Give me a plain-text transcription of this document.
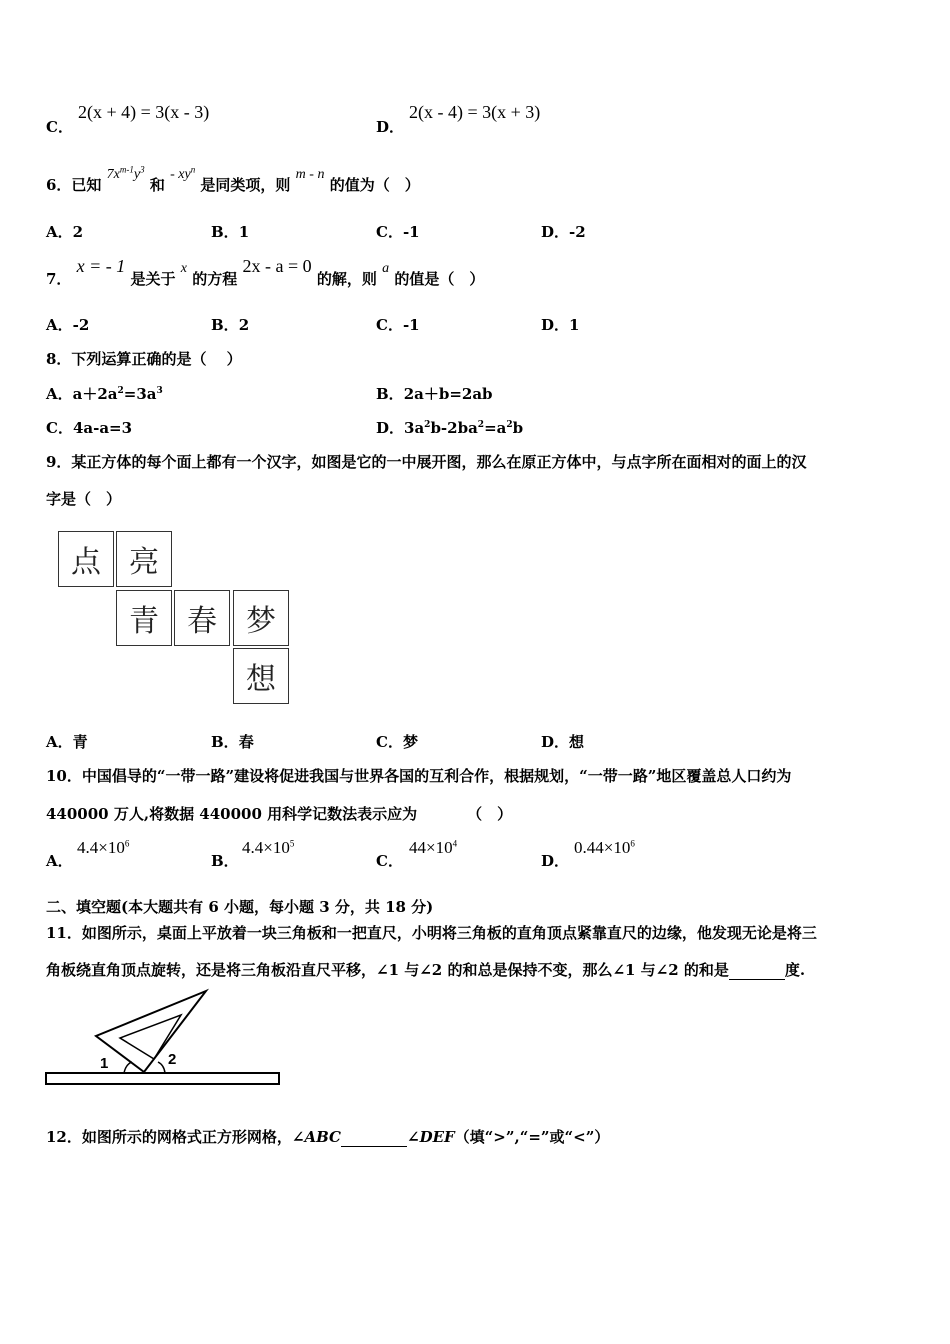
C．
2(x + 4) = 3(x - 3)
D．
2(x - 4) = 3(x + 3)
6．已知 $7x^{m-1}y^3$ 和 - $xy^n$ 是同类项，则 m - n 的值为（　）
A．2	B．1	C．-1	D．-2
7． x = - 1 是关于 x 的方程 2x - a = 0 的解，则 a 的值是（　）
A．-2	B．2	C．-1	D．1
8．下列运算正确的是（　 ）
A．$a+2a^2=3a^3$	B．2a＋b=2ab
C．4a-a=3	D．$3a^2b-2ba^2=a^2b$
9．某正方体的每个面上都有一个汉字，如图是它的一中展开图，那么在原正方体中，与点字所在面相对的面上的汉
字是（　）
点 亮
青 春 梦
想
A．青	B．春	C．梦	D．想
10．中国倡导的“一带一路”建设将促进我国与世界各国的互利合作，根据规划，“一带一路”地区覆盖总人口约为
440000 万人,将数据 440000 用科学记数法表示应为	（　）
A．
$4.4\times 10^6$
B．
$4.4\times 10^5$
C．
$44\times 10^4$
D．
$0.44\times 10^6$
二、填空题(本大题共有 6 小题，每小题 3 分，共 18 分)
11．如图所示，桌面上平放着一块三角板和一把直尺，小明将三角板的直角顶点紧靠直尺的边缘，他发现无论是将三
角板绕直角顶点旋转，还是将三角板沿直尺平移，∠1 与∠2 的和总是保持不变，那么∠1 与∠2 的和是	度.
1	2
12．如图所示的网格式正方形网格，∠ABC	∠DEF（填“>”,“=”或“<”）
